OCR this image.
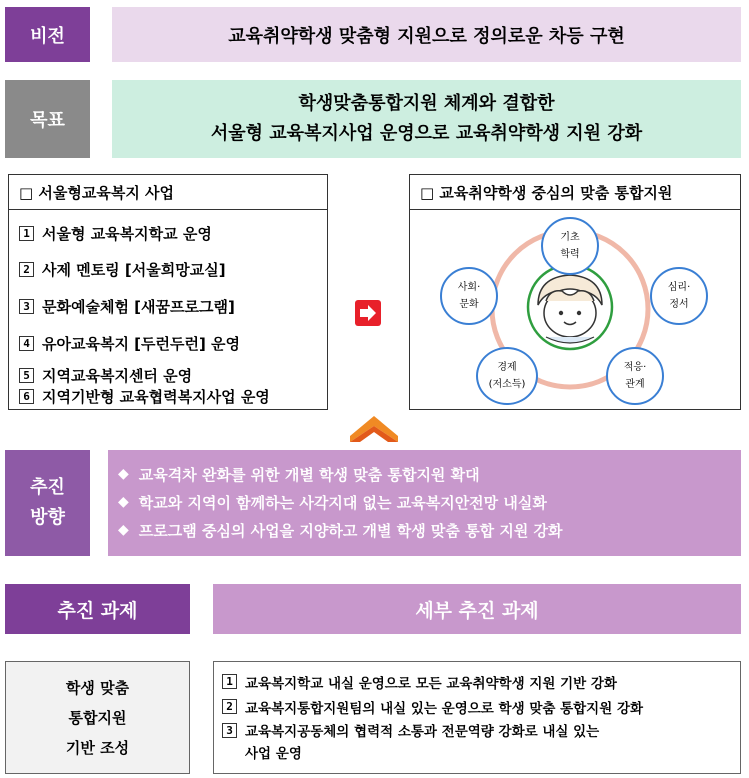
비전	교육취약학생 맞춤형 지원으로 정의로운 차등 구현
목표
학생맞춤통합지원 체계와 결합한
서울형 교육복지사업 운영으로 교육취약학생 지원 강화
□ 서울형교육복지 사업
1 서울형 교육복지학교 운영
2 사제 멘토링 [서울희망교실]
3 문화예술체험 [새꿈프로그램]
4 유아교육복지 [두런두런] 운영
5 지역교육복지센터 운영
6 지역기반형 교육협력복지사업 운영
□ 교육취약학생 중심의 맞춤 통합지원
기초
학력
심리·
정서
적응·
관계
경제
(저소득)
사회·
문화
추진
방향
◆ 교육격차 완화를 위한 개별 학생 맞춤 통합지원 확대
◆ 학교와 지역이 함께하는 사각지대 없는 교육복지안전망 내실화
◆ 프로그램 중심의 사업을 지양하고 개별 학생 맞춤 통합 지원 강화
추진 과제	세부 추진 과제
학생 맞춤
통합지원
기반 조성
1 교육복지학교 내실 운영으로 모든 교육취약학생 지원 기반 강화
2 교육복지통합지원팀의 내실 있는 운영으로 학생 맞춤 통합지원 강화
3 교육복지공동체의 협력적 소통과 전문역량 강화로 내실 있는
사업 운영
